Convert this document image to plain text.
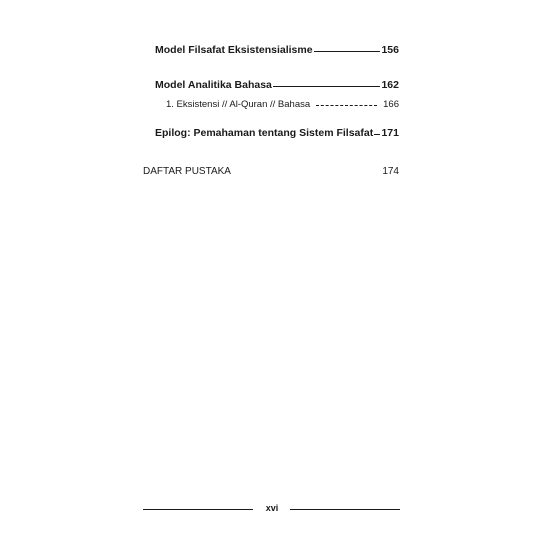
Model Filsafat Eksistensialisme	156
Model Analitika Bahasa	162
1. Eksistensi // Al-Quran // Bahasa	166
Epilog: Pemahaman tentang Sistem Filsafat 171
DAFTAR PUSTAKA	174
xvi
